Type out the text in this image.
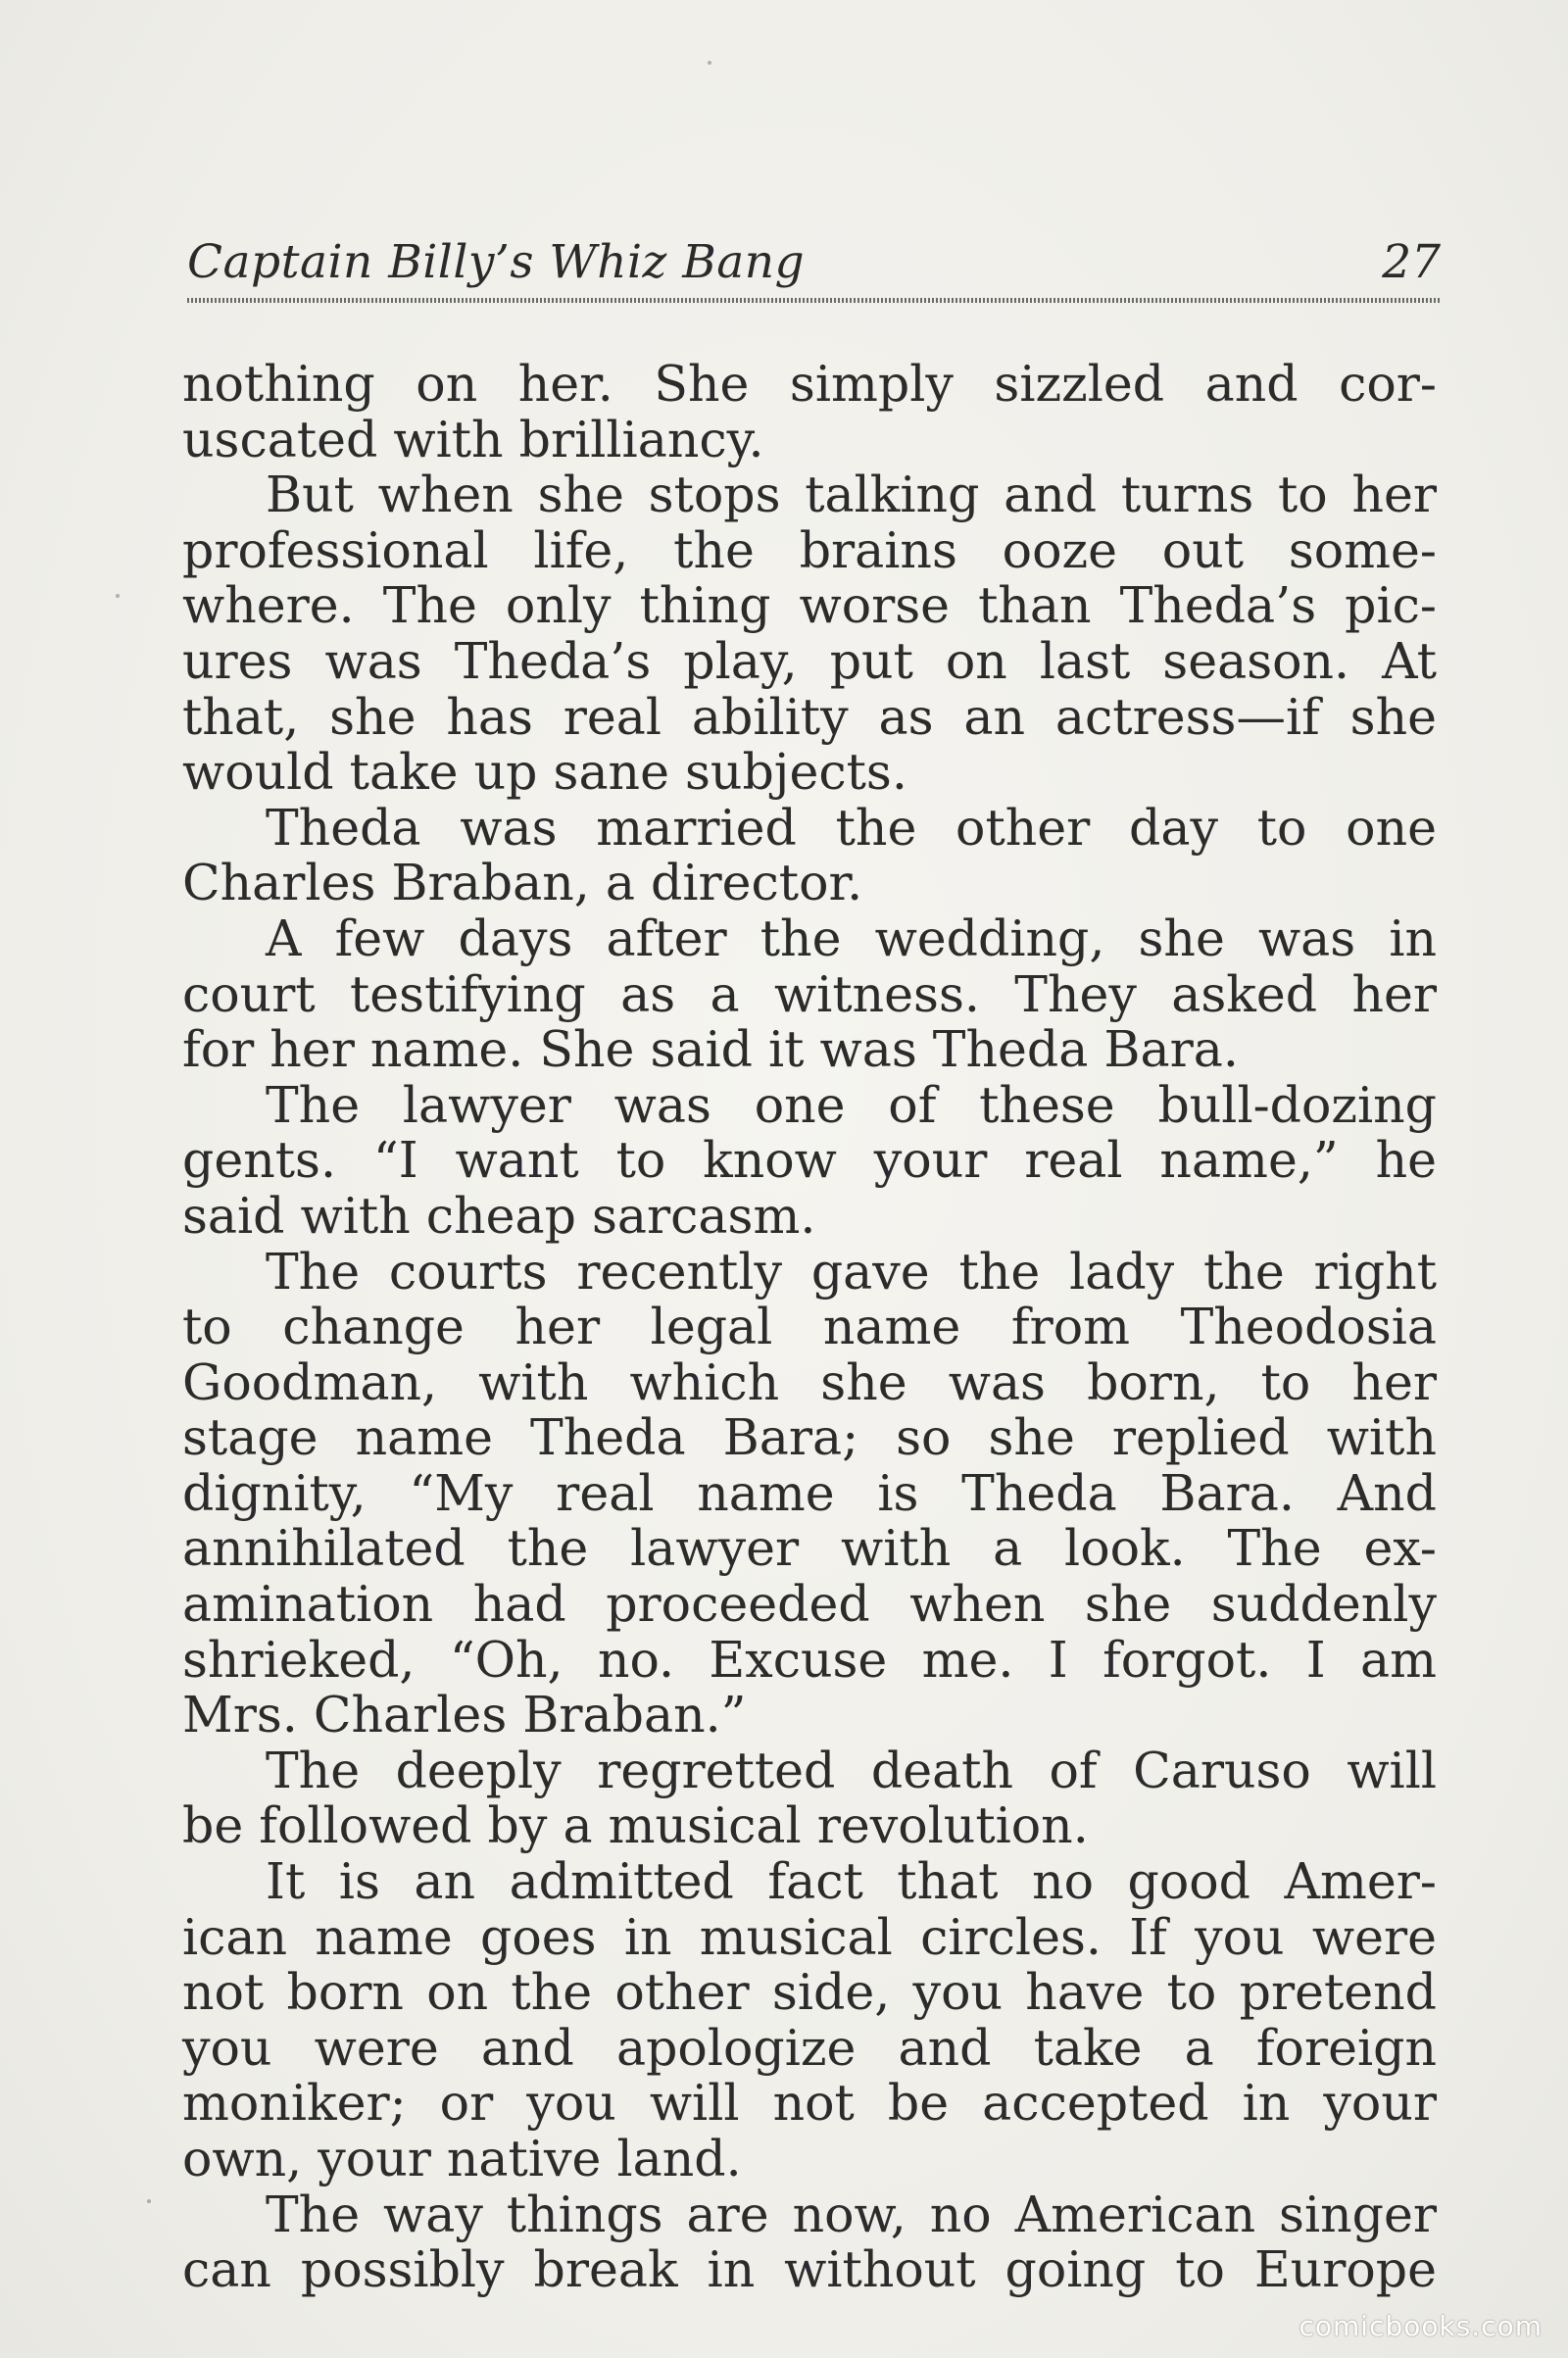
Captain Billy’s Whiz Bang	27
nothing on her. She simply sizzled and cor-
uscated with brilliancy.
But when she stops talking and turns to her
professional life, the brains ooze out some-
where. The only thing worse than Theda’s pic-
ures was Theda’s play, put on last season. At
that, she has real ability as an actress—if she
would take up sane subjects.
Theda was married the other day to one
Charles Braban, a director.
A few days after the wedding, she was in
court testifying as a witness. They asked her
for her name. She said it was Theda Bara.
The lawyer was one of these bull-dozing
gents. “I want to know your real name,” he
said with cheap sarcasm.
The courts recently gave the lady the right
to change her legal name from Theodosia
Goodman, with which she was born, to her
stage name Theda Bara; so she replied with
dignity, “My real name is Theda Bara. And
annihilated the lawyer with a look. The ex-
amination had proceeded when she suddenly
shrieked, “Oh, no. Excuse me. I forgot. I am
Mrs. Charles Braban.”
The deeply regretted death of Caruso will
be followed by a musical revolution.
It is an admitted fact that no good Amer-
ican name goes in musical circles. If you were
not born on the other side, you have to pretend
you were and apologize and take a foreign
moniker; or you will not be accepted in your
own, your native land.
The way things are now, no American singer
can possibly break in without going to Europe
comicbooks.com
